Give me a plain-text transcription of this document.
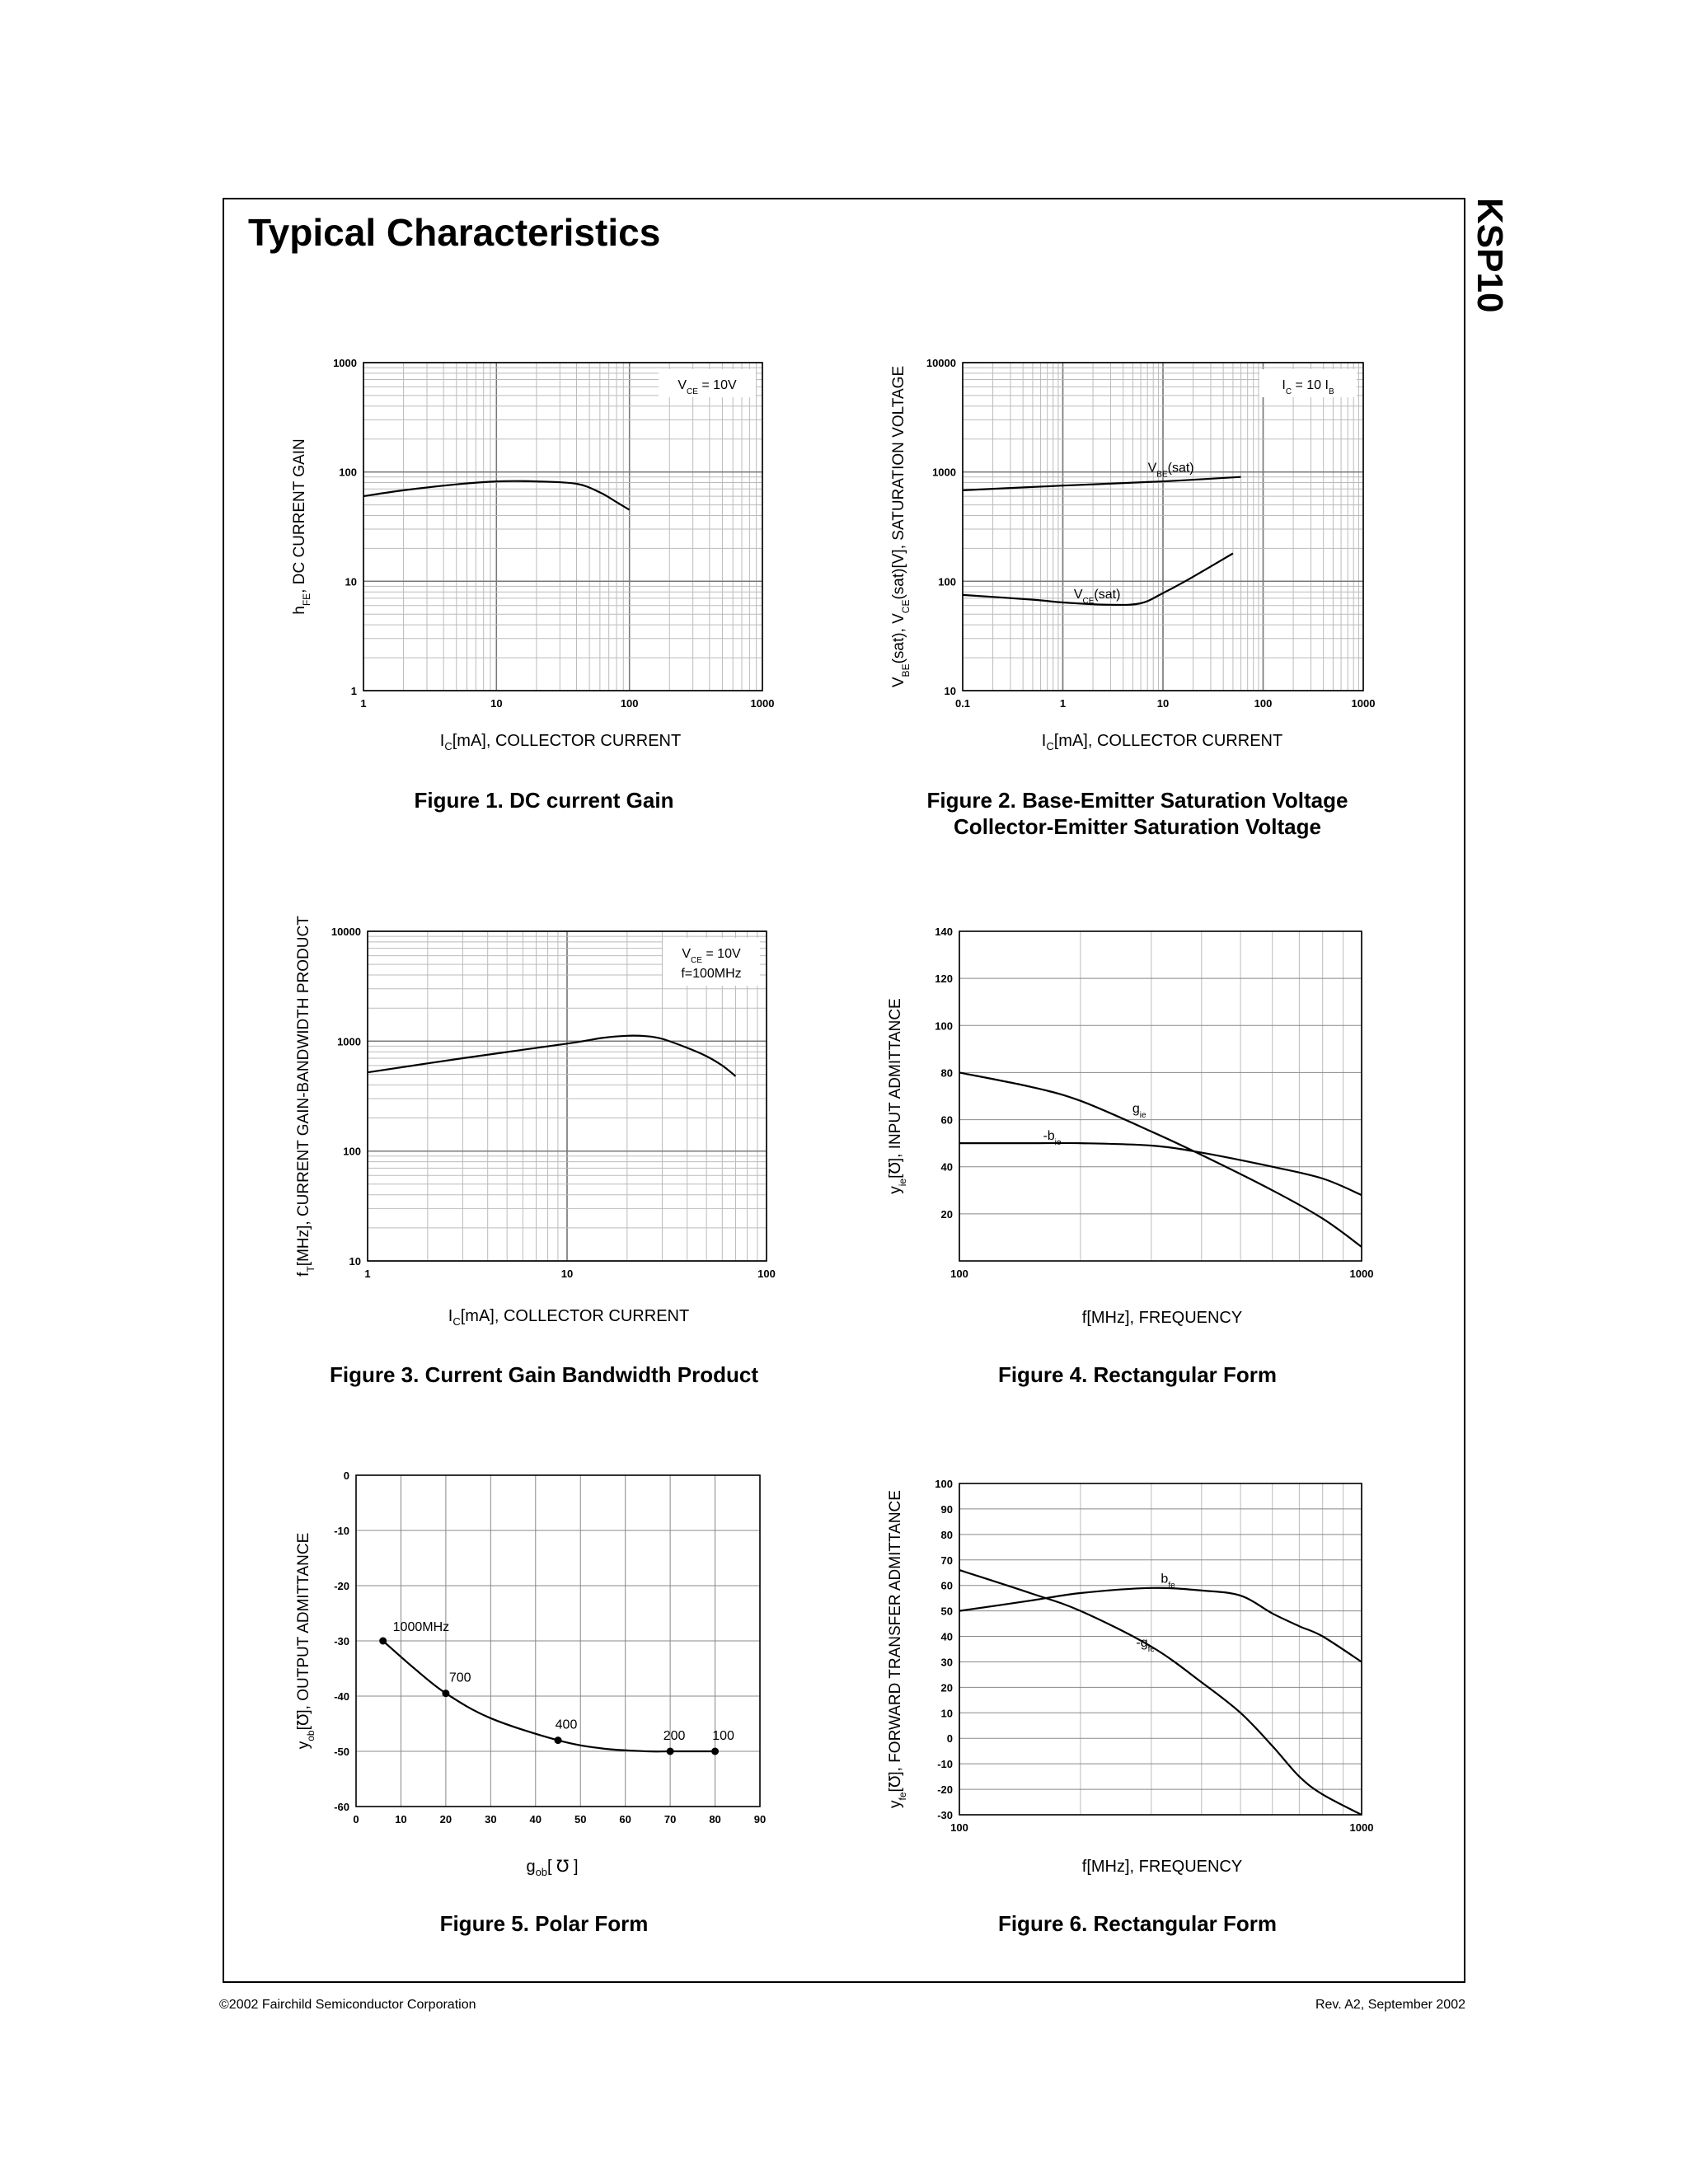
Typical Characteristics	KSP10
1	10	100	1000
1
10
100
1000
$h_{FE}$, DC CURRENT GAIN
$V_{CE} = 10V$
$I_C[mA]$, COLLECTOR CURRENT
Figure 1. DC current Gain
0.1	1	10	100	1000
10
100
1000
10000
$V_{BE}(sat)$, $V_{CE}(sat)[V]$, SATURATION VOLTAGE	$I_C = 10$ $I_B$
$V_{BE}(sat)$
$V_{CE}(sat)$
$I_C[mA]$, COLLECTOR CURRENT
Figure 2. Base-Emitter Saturation Voltage
Collector-Emitter Saturation Voltage
1	10	100
10
100
1000
10000
$f_T[MHz]$, CURRENT GAIN-BANDWIDTH PRODUCT	$V_{CE} = 10V$
f=100MHz
$I_C[mA]$, COLLECTOR CURRENT
Figure 3. Current Gain Bandwidth Product
100	1000
20
40
60
80
100
120
140
$y_{ie}[℧]$, INPUT ADMITTANCE	$g_{ie}$
$-b_{ie}$
f[MHz], FREQUENCY
Figure 4. Rectangular Form
0	10	20	30	40	50	60	70	80	90
0
-10
-20
-30
-40
-50
-60
$y_{ob}[℧]$, OUTPUT ADMITTANCE	1000MHz
700
400
200 100
$g_{ob}$[ ℧ ]
Figure 5. Polar Form
100	1000
-30
-20
-10
0
10
20
30
40
50
60
70
80
90
100
$y_{fe}[℧]$, FORWARD TRANSFER ADMITTANCE	$b_{fe}$
$-g_{fe}$
f[MHz], FREQUENCY
Figure 6. Rectangular Form
©2002 Fairchild Semiconductor Corporation	Rev. A2, September 2002
